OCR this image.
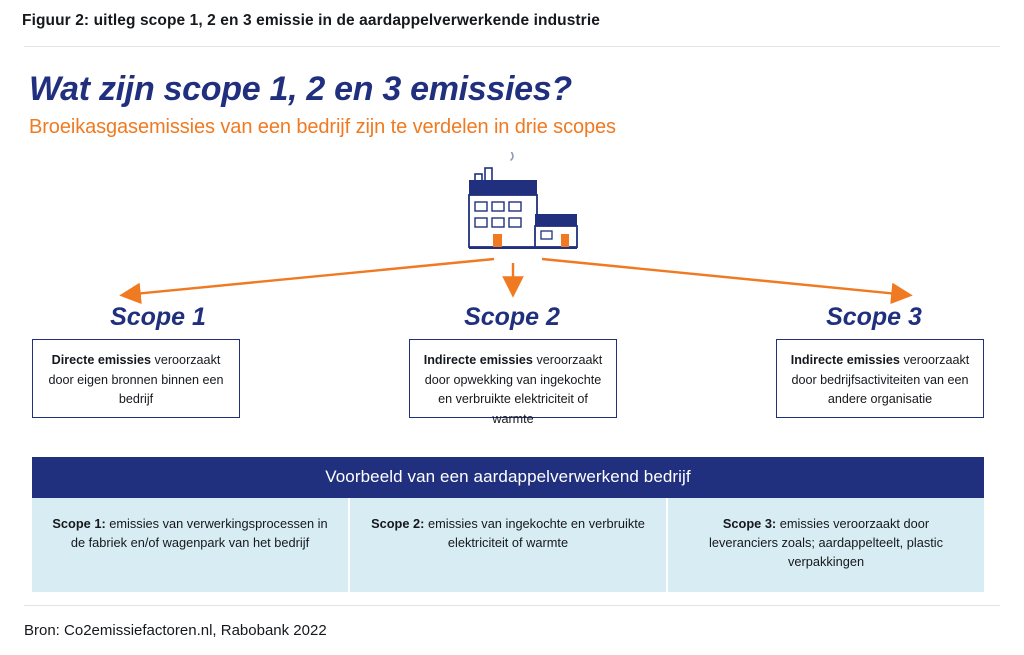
Figuur 2: uitleg scope 1, 2 en 3 emissie in de aardappelverwerkende industrie
Wat zijn scope 1, 2 en 3 emissies?
Broeikasgasemissies van een bedrijf zijn te verdelen in drie scopes
Scope 1	Scope 2	Scope 3
Directe emissies veroorzaakt door eigen bronnen binnen een bedrijf
Indirecte emissies veroorzaakt door opwekking van ingekochte en verbruikte elektriciteit of warmte
Indirecte emissies veroorzaakt door bedrijfsactiviteiten van een andere organisatie
Voorbeeld van een aardappelverwerkend bedrijf
Scope 1: emissies van verwerkingsprocessen in de fabriek en/of wagenpark van het bedrijf
Scope 2: emissies van ingekochte en verbruikte elektriciteit of warmte
Scope 3: emissies veroorzaakt door leveranciers zoals; aardappelteelt, plastic verpakkingen
Bron: Co2emissiefactoren.nl, Rabobank 2022
